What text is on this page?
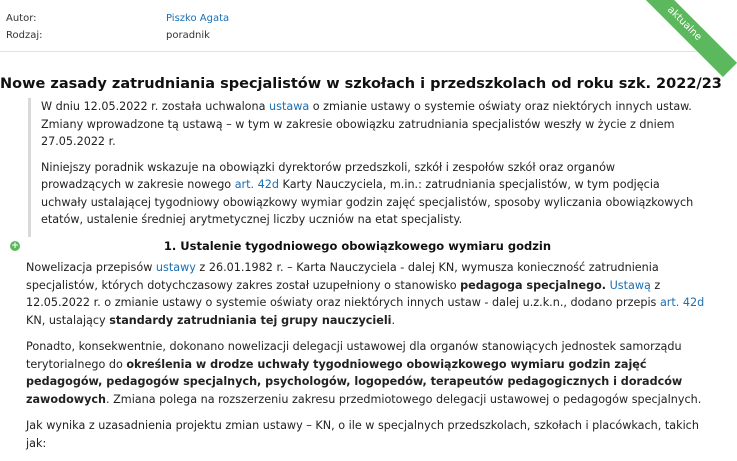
Autor:	Piszko Agata
Rodzaj:	poradnik	aktualne
Nowe zasady zatrudniania specjalistów w szkołach i przedszkolach od roku szk. 2022/23

W dniu 12.05.2022 r. została uchwalona ustawa o zmianie ustawy o systemie oświaty oraz niektórych innych ustaw. Zmiany wprowadzone tą ustawą – w tym w zakresie obowiązku zatrudniania specjalistów weszły w życie z dniem 27.05.2022 r.

Niniejszy poradnik wskazuje na obowiązki dyrektorów przedszkoli, szkół i zespołów szkół oraz organów prowadzących w zakresie nowego art. 42d Karty Nauczyciela, m.in.: zatrudniania specjalistów, w tym podjęcia uchwały ustalającej tygodniowy obowiązkowy wymiar godzin zajęć specjalistów, sposoby wyliczania obowiązkowych etatów, ustalenie średniej arytmetycznej liczby uczniów na etat specjalisty.

+	1. Ustalenie tygodniowego obowiązkowego wymiaru godzin

Nowelizacja przepisów ustawy z 26.01.1982 r. – Karta Nauczyciela - dalej KN, wymusza konieczność zatrudnienia specjalistów, których dotychczasowy zakres został uzupełniony o stanowisko pedagoga specjalnego. Ustawą z 12.05.2022 r. o zmianie ustawy o systemie oświaty oraz niektórych innych ustaw - dalej u.z.k.n., dodano przepis art. 42d KN, ustalający standardy zatrudniania tej grupy nauczycieli.

Ponadto, konsekwentnie, dokonano nowelizacji delegacji ustawowej dla organów stanowiących jednostek samorządu terytorialnego do określenia w drodze uchwały tygodniowego obowiązkowego wymiaru godzin zajęć pedagogów, pedagogów specjalnych, psychologów, logopedów, terapeutów pedagogicznych i doradców zawodowych. Zmiana polega na rozszerzeniu zakresu przedmiotowego delegacji ustawowej o pedagogów specjalnych.

Jak wynika z uzasadnienia projektu zmian ustawy – KN, o ile w specjalnych przedszkolach, szkołach i placówkach, takich jak:
